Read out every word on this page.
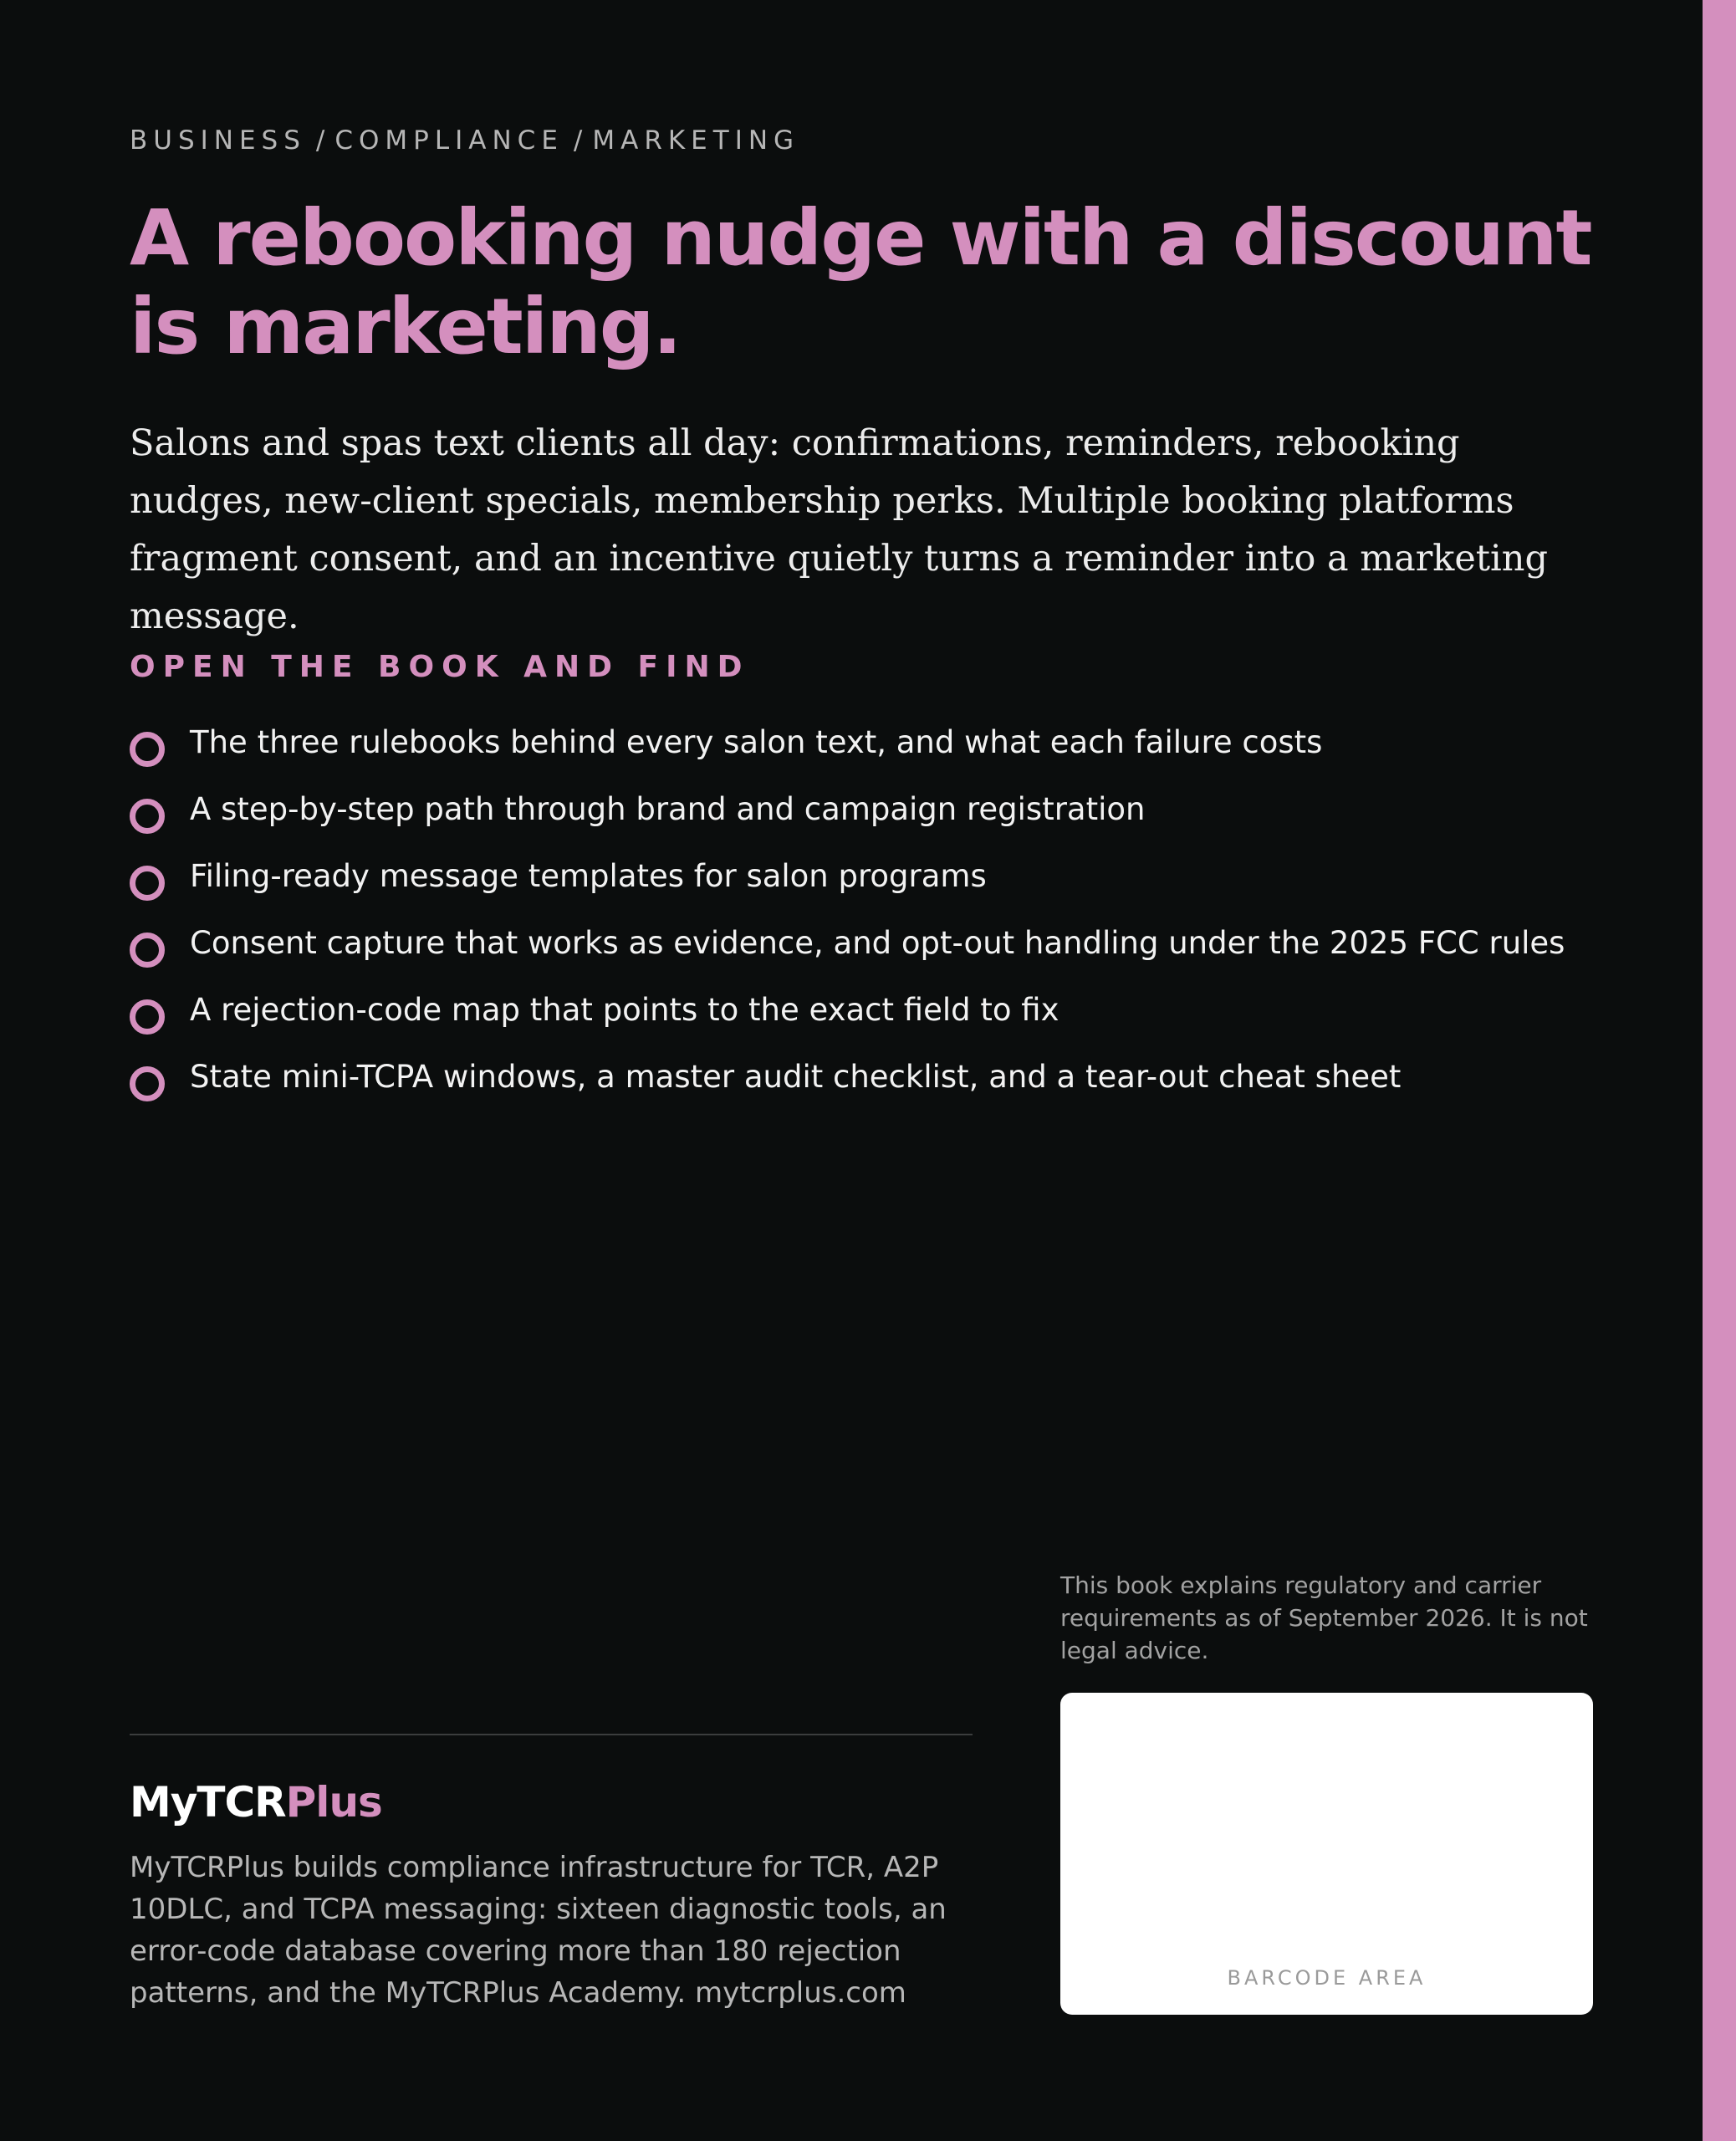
BUSINESS / COMPLIANCE / MARKETING
A rebooking nudge with a discount is marketing.

Salons and spas text clients all day: confirmations, reminders, rebooking nudges, new-client specials, membership perks. Multiple booking platforms fragment consent, and an incentive quietly turns a reminder into a marketing message.

OPEN THE BOOK AND FIND
The three rulebooks behind every salon text, and what each failure costs
A step-by-step path through brand and campaign registration
Filing-ready message templates for salon programs
Consent capture that works as evidence, and opt-out handling under the 2025 FCC rules
A rejection-code map that points to the exact field to fix
State mini-TCPA windows, a master audit checklist, and a tear-out cheat sheet

This book explains regulatory and carrier requirements as of September 2026. It is not legal advice.

BARCODE AREA
MyTCRPlus

MyTCRPlus builds compliance infrastructure for TCR, A2P 10DLC, and TCPA messaging: sixteen diagnostic tools, an error-code database covering more than 180 rejection patterns, and the MyTCRPlus Academy. mytcrplus.com
